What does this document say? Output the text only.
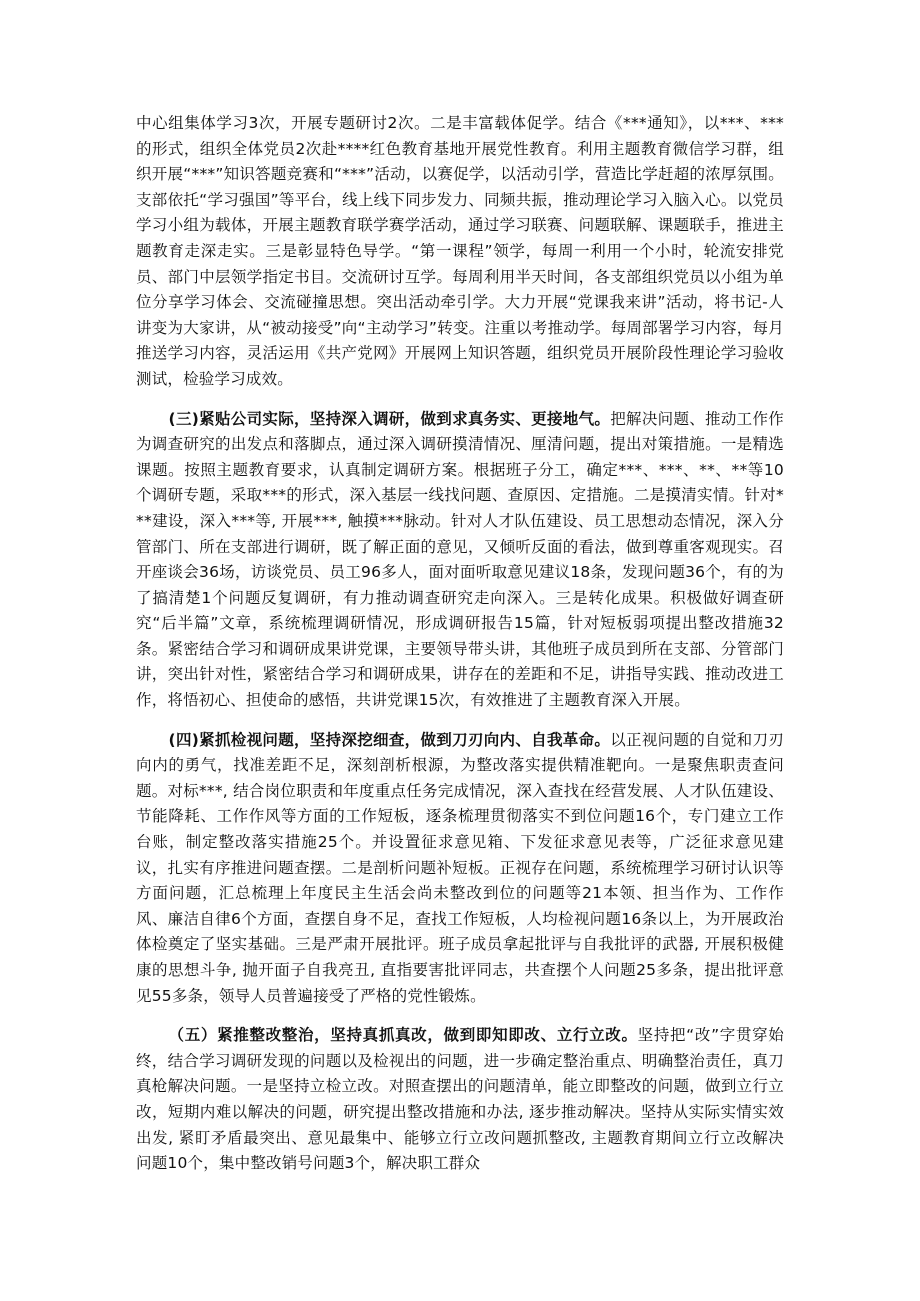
中心组集体学习3次，开展专题研讨2次。二是丰富载体促学。结合《***通知》，以***、***的形式，组织全体党员2次赴****红色教育基地开展党性教育。利用主题教育微信学习群，组织开展“***”知识答题竞赛和“***”活动，以赛促学，以活动引学，营造比学赶超的浓厚氛围。支部依托“学习强国”等平台，线上线下同步发力、同频共振，推动理论学习入脑入心。以党员学习小组为载体，开展主题教育联学赛学活动，通过学习联赛、问题联解、课题联手，推进主题教育走深走实。三是彰显特色导学。“第一课程”领学，每周一利用一个小时，轮流安排党员、部门中层领学指定书目。交流研讨互学。每周利用半天时间，各支部组织党员以小组为单位分享学习体会、交流碰撞思想。突出活动牵引学。大力开展“党课我来讲”活动，将书记-人讲变为大家讲，从“被动接受”向“主动学习”转变。注重以考推动学。每周部署学习内容，每月推送学习内容，灵活运用《共产党网》开展网上知识答题，组织党员开展阶段性理论学习验收测试，检验学习成效。

(三)紧贴公司实际，坚持深入调研，做到求真务实、更接地气。把解决问题、推动工作作为调查研究的出发点和落脚点，通过深入调研摸清情况、厘清问题，提出对策措施。一是精选课题。按照主题教育要求，认真制定调研方案。根据班子分工，确定***、***、**、**等10个调研专题，采取***的形式，深入基层一线找问题、查原因、定措施。二是摸清实情。针对***建设，深入***等, 开展***, 触摸***脉动。针对人才队伍建设、员工思想动态情况，深入分管部门、所在支部进行调研，既了解正面的意见，又倾听反面的看法，做到尊重客观现实。召开座谈会36场，访谈党员、员工96多人，面对面听取意见建议18条，发现问题36个，有的为了搞清楚1个问题反复调研，有力推动调查研究走向深入。三是转化成果。积极做好调查研究“后半篇”文章，系统梳理调研情况，形成调研报告15篇，针对短板弱项提出整改措施32条。紧密结合学习和调研成果讲党课，主要领导带头讲，其他班子成员到所在支部、分管部门讲，突出针对性，紧密结合学习和调研成果，讲存在的差距和不足，讲指导实践、推动改进工作，将悟初心、担使命的感悟，共讲党课15次，有效推进了主题教育深入开展。

(四)紧抓检视问题，坚持深挖细查，做到刀刃向内、自我革命。以正视问题的自觉和刀刃向内的勇气，找准差距不足，深刻剖析根源，为整改落实提供精准靶向。一是聚焦职责查问题。对标***, 结合岗位职责和年度重点任务完成情况，深入查找在经营发展、人才队伍建设、节能降耗、工作作风等方面的工作短板，逐条梳理贯彻落实不到位问题16个，专门建立工作台账，制定整改落实措施25个。并设置征求意见箱、下发征求意见表等，广泛征求意见建议，扎实有序推进问题查摆。二是剖析问题补短板。正视存在问题，系统梳理学习研讨认识等方面问题，汇总梳理上年度民主生活会尚未整改到位的问题等21本领、担当作为、工作作风、廉洁自律6个方面，查摆自身不足，查找工作短板，人均检视问题16条以上，为开展政治体检奠定了坚实基础。三是严肃开展批评。班子成员拿起批评与自我批评的武器, 开展积极健康的思想斗争, 抛开面子自我亮丑, 直指要害批评同志，共查摆个人问题25多条，提出批评意见55多条，领导人员普遍接受了严格的党性锻炼。

（五）紧推整改整治，坚持真抓真改，做到即知即改、立行立改。坚持把“改”字贯穿始终，结合学习调研发现的问题以及检视出的问题，进一步确定整治重点、明确整治责任，真刀真枪解决问题。一是坚持立检立改。对照查摆出的问题清单，能立即整改的问题，做到立行立改，短期内难以解决的问题，研究提出整改措施和办法, 逐步推动解决。坚持从实际实情实效出发, 紧盯矛盾最突出、意见最集中、能够立行立改问题抓整改, 主题教育期间立行立改解决问题10个，集中整改销号问题3个，解决职工群众
